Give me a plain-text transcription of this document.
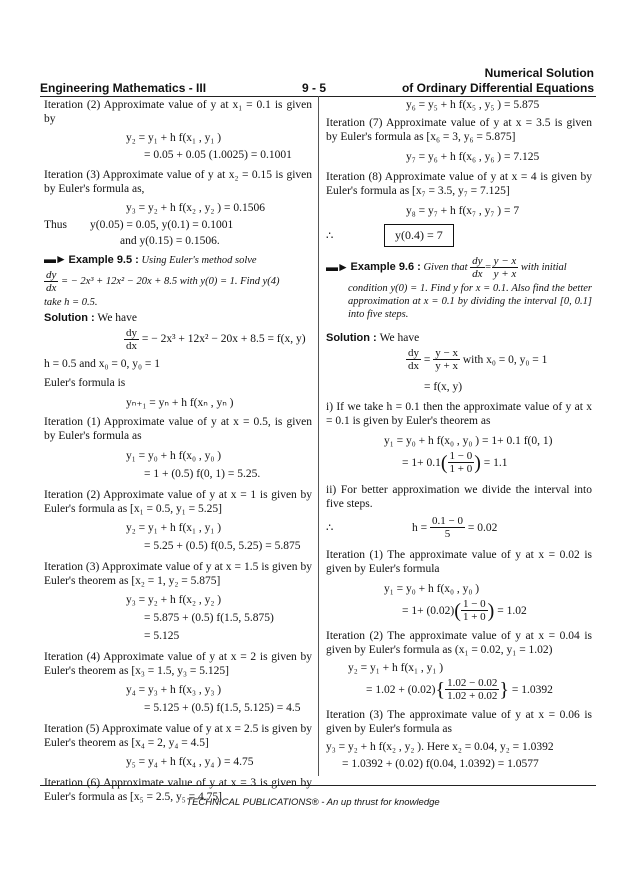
Engineering Mathematics - III	9 - 5
Numerical Solution
of Ordinary Differential Equations

Iteration (2) Approximate value of y at x₁ = 0.1 is given by

y₂ = y₁ + h f(x₁ , y₁ )

= 0.05 + 0.05 (1.0025) = 0.1001

Iteration (3) Approximate value of y at x₂ = 0.15 is given by Euler's formula as,

y₃ = y₂ + h f(x₂ , y₂ ) = 0.1506

Thus	y(0.05) = 0.05, y(0.1) = 0.1001

and y(0.15) = 0.1506.

▬► Example 9.5 : Using Euler's method solve
$\frac{dy}{dx}$ = − 2x³ + 12x² − 20x + 8.5 with y(0) = 1. Find y(4)

take h = 0.5.

Solution : We have

$\frac{dy}{dx}$ = − 2x³ + 12x² − 20x + 8.5 = f(x, y)

h = 0.5 and x₀ = 0, y₀ = 1

Euler's formula is

yₙ₊₁ = yₙ + h f(xₙ , yₙ )

Iteration (1) Approximate value of y at x = 0.5, is given by Euler's formula as

y₁ = y₀ + h f(x₀ , y₀ )

= 1 + (0.5) f(0, 1) = 5.25.

Iteration (2) Approximate value of y at x = 1 is given by Euler's formula as [x₁ = 0.5, y₁ = 5.25]

y₂ = y₁ + h f(x₁ , y₁ )

= 5.25 + (0.5) f(0.5, 5.25) = 5.875

Iteration (3) Approximate value of y at x = 1.5 is given by Euler's theorem as [x₂ = 1, y₂ = 5.875]

y₃ = y₂ + h f(x₂ , y₂ )

= 5.875 + (0.5) f(1.5, 5.875)

= 5.125

Iteration (4) Approximate value of y at x = 2 is given by Euler's theorem as [x₃ = 1.5, y₃ = 5.125]

y₄ = y₃ + h f(x₃ , y₃ )

= 5.125 + (0.5) f(1.5, 5.125) = 4.5

Iteration (5) Approximate value of y at x = 2.5 is given by Euler's theorem as [x₄ = 2, y₄ = 4.5]

y₅ = y₄ + h f(x₄ , y₄ ) = 4.75

Iteration (6) Approximate value of y at x = 3 is given by Euler's formula as [x₅ = 2.5, y₅ = 4.75]

y₆ = y₅ + h f(x₅ , y₅ ) = 5.875

Iteration (7) Approximate value of y at x = 3.5 is given by Euler's formula as [x₆ = 3, y₆ = 5.875]

y₇ = y₆ + h f(x₆ , y₆ ) = 7.125

Iteration (8) Approximate value of y at x = 4 is given by Euler's formula as [x₇ = 3.5, y₇ = 7.125]

y₈ = y₇ + h f(x₇ , y₇ ) = 7

∴	y(0.4) = 7
▬►
Example 9.6 :
Given that
$\frac{dy}{dx} = \frac{y - x}{y + x}$
with initial

condition y(0) = 1. Find y for x = 0.1. Also find the better approximation at x = 0.1 by dividing the interval [0, 0.1] into five steps.

Solution :
We have
$\frac{dy}{dx} = \frac{y - x}{y + x}$
with x₀ = 0, y₀ = 1

= f(x, y)

i) If we take h = 0.1 then the approximate value of y at x = 0.1 is given by Euler's theorem as

y₁ = y₀ + h f(x₀ , y₀ ) = 1+ 0.1 f(0, 1)

= 1+ 0.1 ( $\frac{1 - 0}{1 + 0}$ )
= 1.1

ii) For better approximation we divide the interval into five steps.

∴	h =
$\frac{0.1 - 0}{5}$
= 0.02

Iteration (1) The approximate value of y at x = 0.02 is given by Euler's formula

y₁ = y₀ + h f(x₀ , y₀ )

= 1+ (0.02) ( $\frac{1 - 0}{1 + 0}$ )
= 1.02

Iteration (2) The approximate value of y at x = 0.04 is given by Euler's formula as (x₁ = 0.02, y₁ = 1.02)

y₂ = y₁ + h f(x₁ , y₁ )

= 1.02 + (0.02) { $\frac{1.02 - 0.02}{1.02 + 0.02}$ }
= 1.0392

Iteration (3) The approximate value of y at x = 0.06 is given by Euler's formula as

y₃ = y₂ + h f(x₂ , y₂ ). Here x₂ = 0.04, y₂ = 1.0392

= 1.0392 + (0.02) f(0.04, 1.0392) = 1.0577

TECHNICAL PUBLICATIONS® - An up thrust for knowledge
